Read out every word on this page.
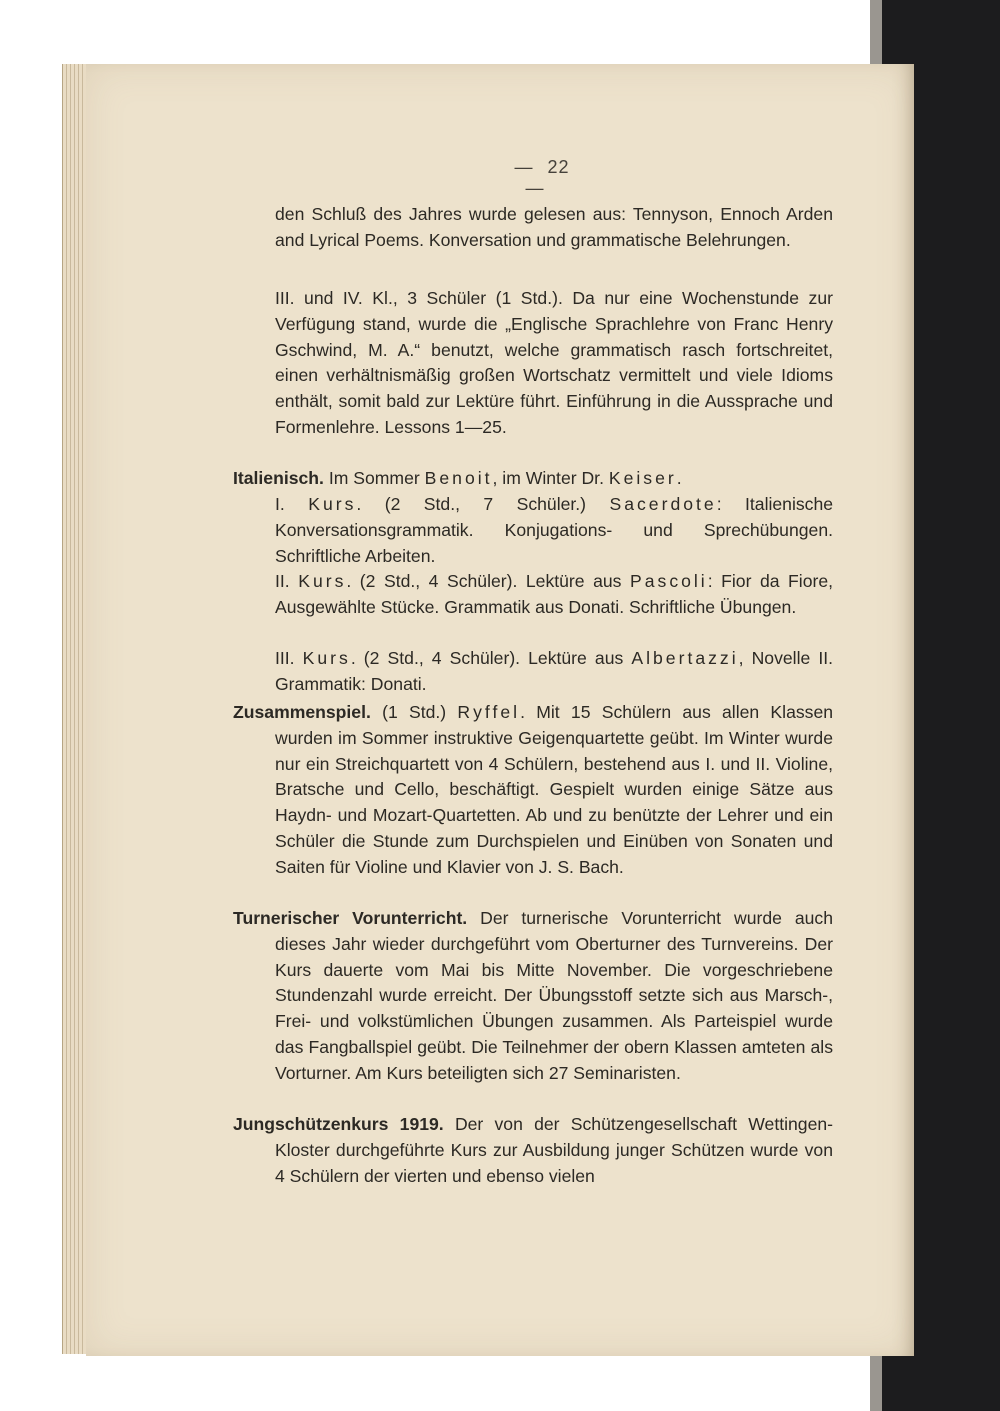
— 22—

den Schluß des Jahres wurde gelesen aus: Tennyson, Ennoch Arden and Lyrical Poems. Konversation und grammatische Belehrungen.

III. und IV. Kl., 3 Schüler (1 Std.). Da nur eine Wochenstunde zur Verfügung stand, wurde die „Englische Sprachlehre von Franc Henry Gschwind, M. A.“ benutzt, welche grammatisch rasch fortschreitet, einen verhältnismäßig großen Wortschatz vermittelt und viele Idioms enthält, somit bald zur Lektüre führt. Einführung in die Aussprache und Formenlehre. Lessons 1—25.

Italienisch. Im Sommer Benoit, im Winter Dr. Keiser.

I. Kurs. (2 Std., 7 Schüler.) Sacerdote: Italienische Konversationsgrammatik. Konjugations- und Sprechübungen. Schriftliche Arbeiten.

II. Kurs. (2 Std., 4 Schüler). Lektüre aus Pascoli: Fior da Fiore, Ausgewählte Stücke. Grammatik aus Donati. Schriftliche Übungen.

III. Kurs. (2 Std., 4 Schüler). Lektüre aus Albertazzi, Novelle II. Grammatik: Donati.

Zusammenspiel. (1 Std.) Ryffel. Mit 15 Schülern aus allen Klassen wurden im Sommer instruktive Geigenquartette geübt. Im Winter wurde nur ein Streichquartett von 4 Schülern, bestehend aus I. und II. Violine, Bratsche und Cello, beschäftigt. Gespielt wurden einige Sätze aus Haydn- und Mozart-Quartetten. Ab und zu benützte der Lehrer und ein Schüler die Stunde zum Durchspielen und Einüben von Sonaten und Saiten für Violine und Klavier von J. S. Bach.

Turnerischer Vorunterricht. Der turnerische Vorunterricht wurde auch dieses Jahr wieder durchgeführt vom Oberturner des Turnvereins. Der Kurs dauerte vom Mai bis Mitte November. Die vorgeschriebene Stundenzahl wurde erreicht. Der Übungsstoff setzte sich aus Marsch-, Frei- und volkstümlichen Übungen zusammen. Als Parteispiel wurde das Fangballspiel geübt. Die Teilnehmer der obern Klassen amteten als Vorturner. Am Kurs beteiligten sich 27 Seminaristen.

Jungschützenkurs 1919. Der von der Schützengesellschaft Wettingen-Kloster durchgeführte Kurs zur Ausbildung junger Schützen wurde von 4 Schülern der vierten und ebenso vielen
